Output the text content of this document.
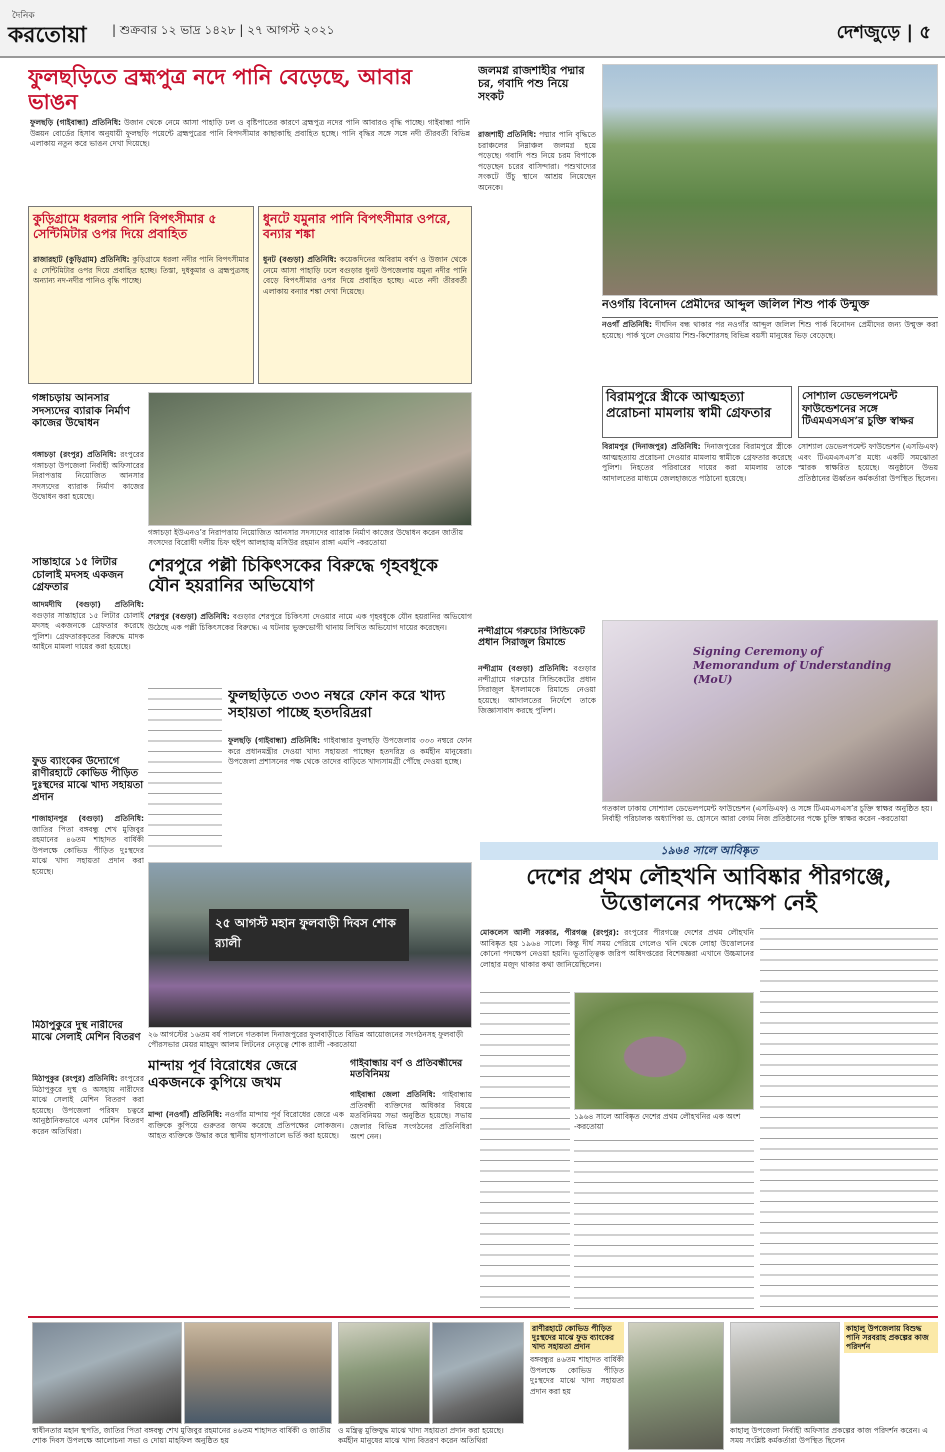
দৈনিক
করতোয়া | শুক্রবার ১২ ভাদ্র ১৪২৮ | ২৭ আগস্ট ২০২১	দেশজুড়ে | ৫
ফুলছড়িতে ব্রহ্মপুত্র নদে পানি বেড়েছে, আবার ভাঙন
ফুলছড়ি (গাইবান্ধা) প্রতিনিধি: উজান থেকে নেমে আসা পাহাড়ি ঢল ও বৃষ্টিপাতের কারণে ব্রহ্মপুত্র নদের পানি আবারও বৃদ্ধি পাচ্ছে। গাইবান্ধা পানি উন্নয়ন বোর্ডের হিসাব অনুযায়ী ফুলছড়ি পয়েন্টে ব্রহ্মপুত্রের পানি বিপদসীমার কাছাকাছি প্রবাহিত হচ্ছে। পানি বৃদ্ধির সঙ্গে সঙ্গে নদী তীরবর্তী বিভিন্ন এলাকায় নতুন করে ভাঙন দেখা দিয়েছে।
জলমগ্ন রাজশাহীর পদ্মার চর, গবাদি পশু নিয়ে সংকট
রাজশাহী প্রতিনিধি: পদ্মার পানি বৃদ্ধিতে চরাঞ্চলের নিম্নাঞ্চল জলমগ্ন হয়ে পড়েছে। গবাদি পশু নিয়ে চরম বিপাকে পড়েছেন চরের বাসিন্দারা। পশুখাদ্যের সংকটে উঁচু স্থানে আশ্রয় নিয়েছেন অনেকে।
নওগাঁয় বিনোদন প্রেমীদের আব্দুল জলিল শিশু পার্ক উন্মুক্ত
নওগাঁ প্রতিনিধি: দীর্ঘদিন বন্ধ থাকার পর নওগাঁর আব্দুল জলিল শিশু পার্ক বিনোদন প্রেমীদের জন্য উন্মুক্ত করা হয়েছে। পার্ক খুলে দেওয়ায় শিশু-কিশোরসহ বিভিন্ন বয়সী মানুষের ভিড় বেড়েছে।
কুড়িগ্রামে ধরলার পানি বিপৎসীমার ৫ সেন্টিমিটার ওপর দিয়ে প্রবাহিত
রাজারহাট (কুড়িগ্রাম) প্রতিনিধি: কুড়িগ্রামে ধরলা নদীর পানি বিপৎসীমার ৫ সেন্টিমিটার ওপর দিয়ে প্রবাহিত হচ্ছে। তিস্তা, দুধকুমার ও ব্রহ্মপুত্রসহ অন্যান্য নদ-নদীর পানিও বৃদ্ধি পাচ্ছে।
ধুনটে যমুনার পানি বিপৎসীমার ওপরে, বন্যার শঙ্কা
ধুনট (বগুড়া) প্রতিনিধি: কয়েকদিনের অবিরাম বর্ষণ ও উজান থেকে নেমে আসা পাহাড়ি ঢলে বগুড়ার ধুনট উপজেলায় যমুনা নদীর পানি বেড়ে বিপৎসীমার ওপর দিয়ে প্রবাহিত হচ্ছে। এতে নদী তীরবর্তী এলাকায় বন্যার শঙ্কা দেখা দিয়েছে।
গঙ্গাচড়ায় আনসার সদস্যদের ব্যারাক নির্মাণ কাজের উদ্বোধন
গঙ্গাচড়া (রংপুর) প্রতিনিধি: রংপুরের গঙ্গাচড়া উপজেলা নির্বাহী অফিসারের নিরাপত্তায় নিয়োজিত আনসার সদস্যদের ব্যারাক নির্মাণ কাজের উদ্বোধন করা হয়েছে।
গঙ্গাচড়া ইউএনও’র নিরাপত্তায় নিয়োজিত আনসার সদস্যদের ব্যারাক নির্মাণ কাজের উদ্বোধন করেন জাতীয় সংসদের বিরোধী দলীয় চিফ হুইপ আলহাজ্ব মসিউর রহমান রাঙ্গা এমপি -করতোয়া
শেরপুরে পল্লী চিকিৎসকের বিরুদ্ধে গৃহবধূকে যৌন হয়রানির অভিযোগ
শেরপুর (বগুড়া) প্রতিনিধি: বগুড়ার শেরপুরে চিকিৎসা দেওয়ার নামে এক গৃহবধূকে যৌন হয়রানির অভিযোগ উঠেছে এক পল্লী চিকিৎসকের বিরুদ্ধে। এ ঘটনায় ভুক্তভোগী থানায় লিখিত অভিযোগ দায়ের করেছেন।
সান্তাহারে ১৫ লিটার চোলাই মদসহ একজন গ্রেফতার
আদমদীঘি (বগুড়া) প্রতিনিধি: বগুড়ার সান্তাহারে ১৫ লিটার চোলাই মদসহ একজনকে গ্রেফতার করেছে পুলিশ। গ্রেফতারকৃতের বিরুদ্ধে মাদক আইনে মামলা দায়ের করা হয়েছে।
ফুড ব্যাংকের উদ্যোগে রাণীরহাটে কোভিড পীড়িত দুঃস্থদের মাঝে খাদ্য সহায়তা প্রদান
শাজাহানপুর (বগুড়া) প্রতিনিধি: জাতির পিতা বঙ্গবন্ধু শেখ মুজিবুর রহমানের ৪৬তম শাহাদত বার্ষিকী উপলক্ষে কোভিড পীড়িত দুঃস্থদের মাঝে খাদ্য সহায়তা প্রদান করা হয়েছে।
ফুলছড়িতে ৩৩৩ নম্বরে ফোন করে খাদ্য সহায়তা পাচ্ছে হতদরিদ্ররা
ফুলছড়ি (গাইবান্ধা) প্রতিনিধি: গাইবান্ধার ফুলছড়ি উপজেলায় ৩৩৩ নম্বরে ফোন করে প্রধানমন্ত্রীর দেওয়া খাদ্য সহায়তা পাচ্ছেন হতদরিদ্র ও কর্মহীন মানুষেরা। উপজেলা প্রশাসনের পক্ষ থেকে তাদের বাড়িতে খাদ্যসামগ্রী পৌঁছে দেওয়া হচ্ছে।
২৫ আগস্ট মহান ফুলবাড়ী দিবস শোক র‍্যালী
২৬ আগস্টের ১৬তম বর্ষ পালনে গতকাল দিনাজপুরের ফুলবাড়ীতে বিভিন্ন আয়োজনের সংগঠনসহ ফুলবাড়ী পৌরসভার মেয়র মাহমুদ আলম লিটনের নেতৃত্বে শোক র‍্যালী -করতোয়া
মিঠাপুকুরে দুস্থ নারীদের মাঝে সেলাই মেশিন বিতরণ
মিঠাপুকুর (রংপুর) প্রতিনিধি: রংপুরের মিঠাপুকুরে দুস্থ ও অসহায় নারীদের মাঝে সেলাই মেশিন বিতরণ করা হয়েছে। উপজেলা পরিষদ চত্বরে আনুষ্ঠানিকভাবে এসব মেশিন বিতরণ করেন অতিথিরা।
মান্দায় পূর্ব বিরোধের জেরে একজনকে কুপিয়ে জখম
মান্দা (নওগাঁ) প্রতিনিধি: নওগাঁর মান্দায় পূর্ব বিরোধের জেরে এক ব্যক্তিকে কুপিয়ে গুরুতর জখম করেছে প্রতিপক্ষের লোকজন। আহত ব্যক্তিকে উদ্ধার করে স্থানীয় হাসপাতালে ভর্তি করা হয়েছে।
গাইবান্ধায় বর্ণ ও প্রতিবন্ধীদের মতবিনিময়
গাইবান্ধা জেলা প্রতিনিধি: গাইবান্ধায় প্রতিবন্ধী ব্যক্তিদের অধিকার বিষয়ে মতবিনিময় সভা অনুষ্ঠিত হয়েছে। সভায় জেলার বিভিন্ন সংগঠনের প্রতিনিধিরা অংশ নেন।
নন্দীগ্রামে গরুচোর সিন্ডিকেট প্রধান সিরাজুল রিমান্ডে
নন্দীগ্রাম (বগুড়া) প্রতিনিধি: বগুড়ার নন্দীগ্রামে গরুচোর সিন্ডিকেটের প্রধান সিরাজুল ইসলামকে রিমান্ডে নেওয়া হয়েছে। আদালতের নির্দেশে তাকে জিজ্ঞাসাবাদ করছে পুলিশ।
বিরামপুরে স্ত্রীকে আত্মহত্যা প্ররোচনা মামলায় স্বামী গ্রেফতার
বিরামপুর (দিনাজপুর) প্রতিনিধি: দিনাজপুরের বিরামপুরে স্ত্রীকে আত্মহত্যায় প্ররোচনা দেওয়ার মামলায় স্বামীকে গ্রেফতার করেছে পুলিশ। নিহতের পরিবারের দায়ের করা মামলায় তাকে আদালতের মাধ্যমে জেলহাজতে পাঠানো হয়েছে।
সোশ্যাল ডেভেলপমেন্ট ফাউন্ডেশনের সঙ্গে টিএমএসএস’র চুক্তি স্বাক্ষর
সোশ্যাল ডেভেলপমেন্ট ফাউন্ডেশন (এসডিএফ) এবং টিএমএসএস’র মধ্যে একটি সমঝোতা স্মারক স্বাক্ষরিত হয়েছে। অনুষ্ঠানে উভয় প্রতিষ্ঠানের ঊর্ধ্বতন কর্মকর্তারা উপস্থিত ছিলেন।
Signing Ceremony of
Memorandum of Understanding (MoU)
গতকাল ঢাকায় সোশ্যাল ডেভেলপমেন্ট ফাউন্ডেশন (এসডিএফ) ও সঙ্গে টিএমএসএস’র চুক্তি স্বাক্ষর অনুষ্ঠিত হয়। নির্বাহী পরিচালক অধ্যাপিকা ড. হোসনে আরা বেগম নিজ প্রতিষ্ঠানের পক্ষে চুক্তি স্বাক্ষর করেন -করতোয়া
১৯৬৪ সালে আবিষ্কৃত
দেশের প্রথম লৌহখনি আবিষ্কার পীরগঞ্জে, উত্তোলনের পদক্ষেপ নেই
মোকলেস আলী সরকার, পীরগঞ্জ (রংপুর): রংপুরের পীরগঞ্জে দেশের প্রথম লৌহখনি আবিষ্কৃত হয় ১৯৬৪ সালে। কিন্তু দীর্ঘ সময় পেরিয়ে গেলেও খনি থেকে লোহা উত্তোলনের কোনো পদক্ষেপ নেওয়া হয়নি। ভূতাত্ত্বিক জরিপ অধিদপ্তরের বিশেষজ্ঞরা এখানে উচ্চমানের লোহার মজুদ থাকার কথা জানিয়েছিলেন।
১৯৬৪ সালে আবিষ্কৃত দেশের প্রথম লৌহখনির এক অংশ -করতোয়া
স্বাধীনতার মহান স্থপতি, জাতির পিতা বঙ্গবন্ধু শেখ মুজিবুর রহমানের ৪৬তম শাহাদত বার্ষিকী ও জাতীয় শোক দিবস উপলক্ষে আলোচনা সভা ও দোয়া মাহফিল অনুষ্ঠিত হয়
ও মন্ত্রিত্ব মুক্তিযুদ্ধ মাঝে খাদ্য সহায়তা প্রদান করা হয়েছে। কর্মহীন মানুষের মাঝে খাদ্য বিতরণ করেন অতিথিরা
রাণীরহাটে কোভিড পীড়িত দুঃস্থদের মাঝে ফুড ব্যাংকের খাদ্য সহায়তা প্রদান
বঙ্গবন্ধুর ৪৬তম শাহাদত বার্ষিকী উপলক্ষে কোভিড পীড়িত দুঃস্থদের মাঝে খাদ্য সহায়তা প্রদান করা হয়
কাহালু উপজেলায় বিশুদ্ধ পানি সরবরাহ প্রকল্পের কাজ পরিদর্শন
কাহালু উপজেলা নির্বাহী অফিসার প্রকল্পের কাজ পরিদর্শন করেন। এ সময় সংশ্লিষ্ট কর্মকর্তারা উপস্থিত ছিলেন
